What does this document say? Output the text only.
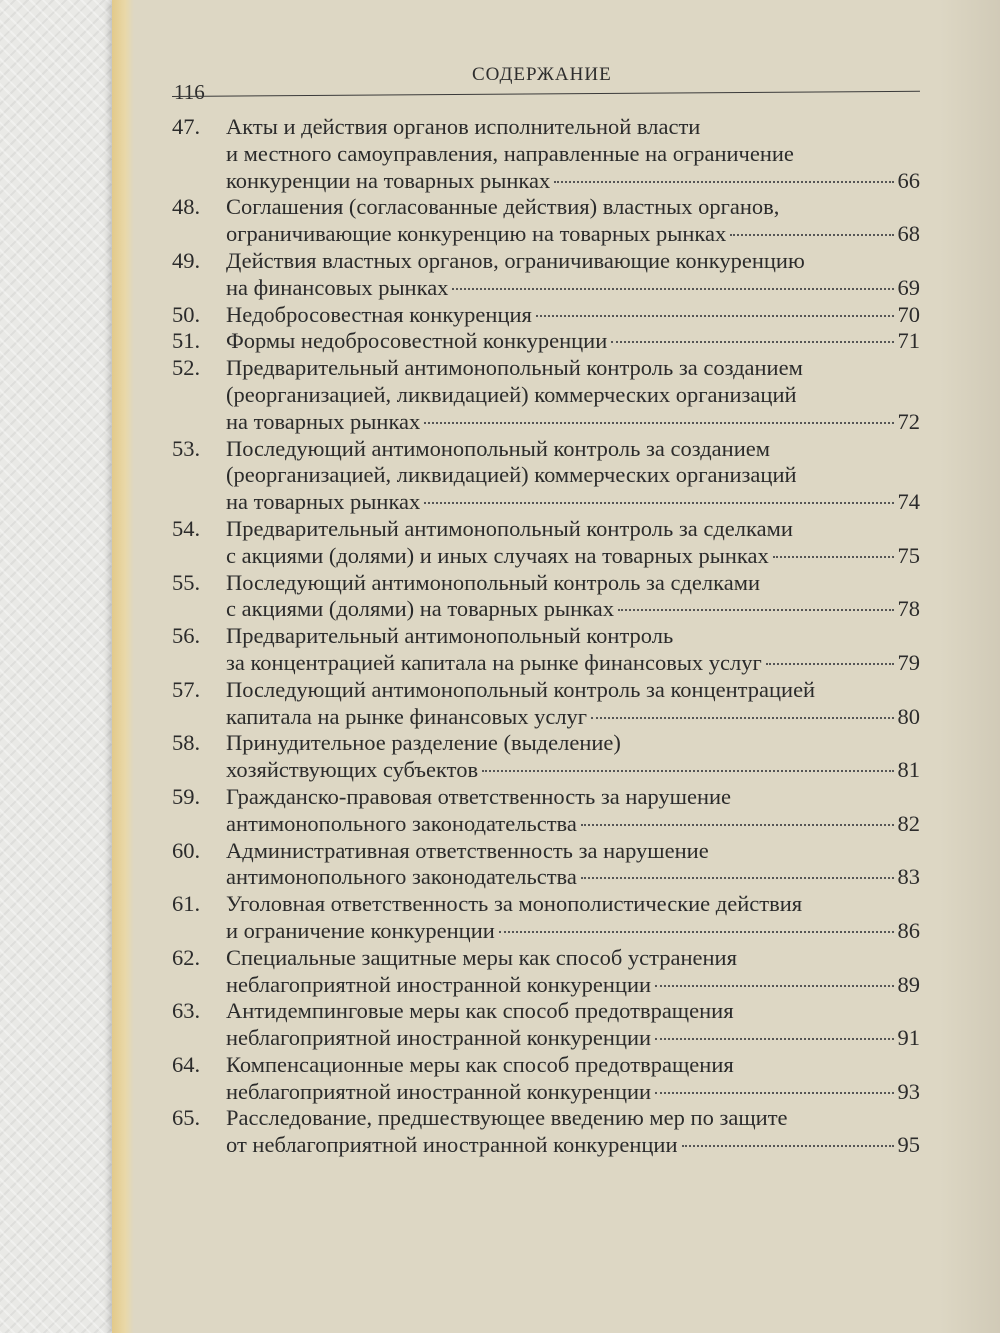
116
СОДЕРЖАНИЕ
47.	Акты и действия органов исполнительной власти
и местного самоуправления, направленные на ограничение
конкуренции на товарных рынках	66
48.	Соглашения (согласованные действия) властных органов,
ограничивающие конкуренцию на товарных рынках	68
49.	Действия властных органов, ограничивающие конкуренцию
на финансовых рынках	69
50.	Недобросовестная конкуренция	70
51.	Формы недобросовестной конкуренции	71
52.	Предварительный антимонопольный контроль за созданием
(реорганизацией, ликвидацией) коммерческих организаций
на товарных рынках	72
53.	Последующий антимонопольный контроль за созданием
(реорганизацией, ликвидацией) коммерческих организаций
на товарных рынках	74
54.	Предварительный антимонопольный контроль за сделками
с акциями (долями) и иных случаях на товарных рынках	75
55.	Последующий антимонопольный контроль за сделками
с акциями (долями) на товарных рынках	78
56.	Предварительный антимонопольный контроль
за концентрацией капитала на рынке финансовых услуг	79
57.	Последующий антимонопольный контроль за концентрацией
капитала на рынке финансовых услуг	80
58.	Принудительное разделение (выделение)
хозяйствующих субъектов	81
59.	Гражданско-правовая ответственность за нарушение
антимонопольного законодательства	82
60.	Административная ответственность за нарушение
антимонопольного законодательства	83
61.	Уголовная ответственность за монополистические действия
и ограничение конкуренции	86
62.	Специальные защитные меры как способ устранения
неблагоприятной иностранной конкуренции	89
63.	Антидемпинговые меры как способ предотвращения
неблагоприятной иностранной конкуренции	91
64.	Компенсационные меры как способ предотвращения
неблагоприятной иностранной конкуренции	93
65.	Расследование, предшествующее введению мер по защите
от неблагоприятной иностранной конкуренции	95
